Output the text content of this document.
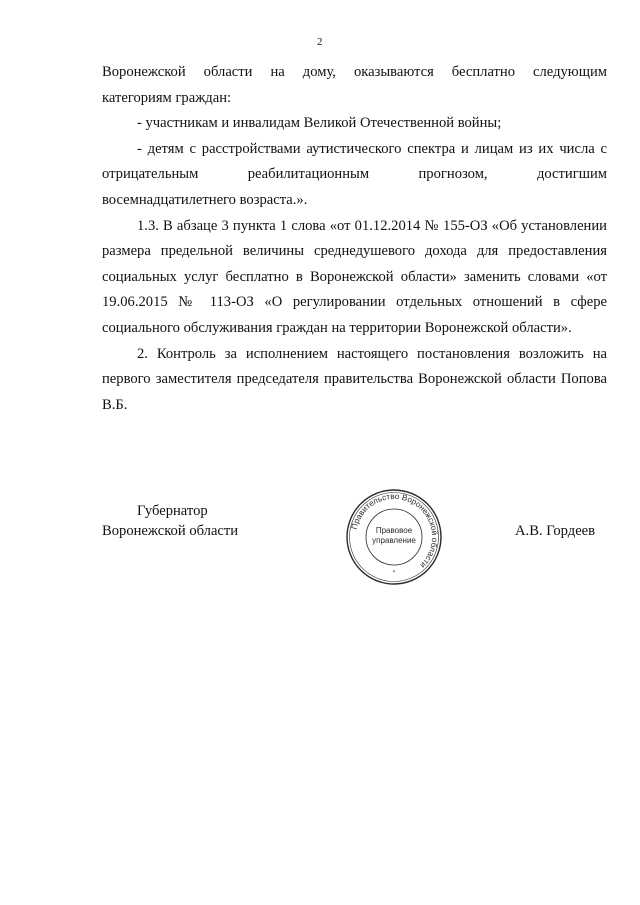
2

Воронежской области на дому, оказываются бесплатно следующим

категориям граждан:

- участникам и инвалидам Великой Отечественной войны;

- детям с расстройствами аутистического спектра и лицам из их числа с

отрицательным реабилитационным прогнозом, достигшим

восемнадцатилетнего возраста.».

1.3. В абзаце 3 пункта 1 слова «от 01.12.2014 № 155-ОЗ «Об установлении размера предельной величины среднедушевого дохода для предоставления социальных услуг бесплатно в Воронежской области» заменить словами «от 19.06.2015 № 113-ОЗ «О регулировании отдельных отношений в сфере социального обслуживания граждан на территории Воронежской области».

2. Контроль за исполнением настоящего постановления возложить на первого заместителя председателя правительства Воронежской области Попова В.Б.

Губернатор
Воронежской области	А.В. Гордеев
Правительство Воронежской области
Правовое
управление
*
